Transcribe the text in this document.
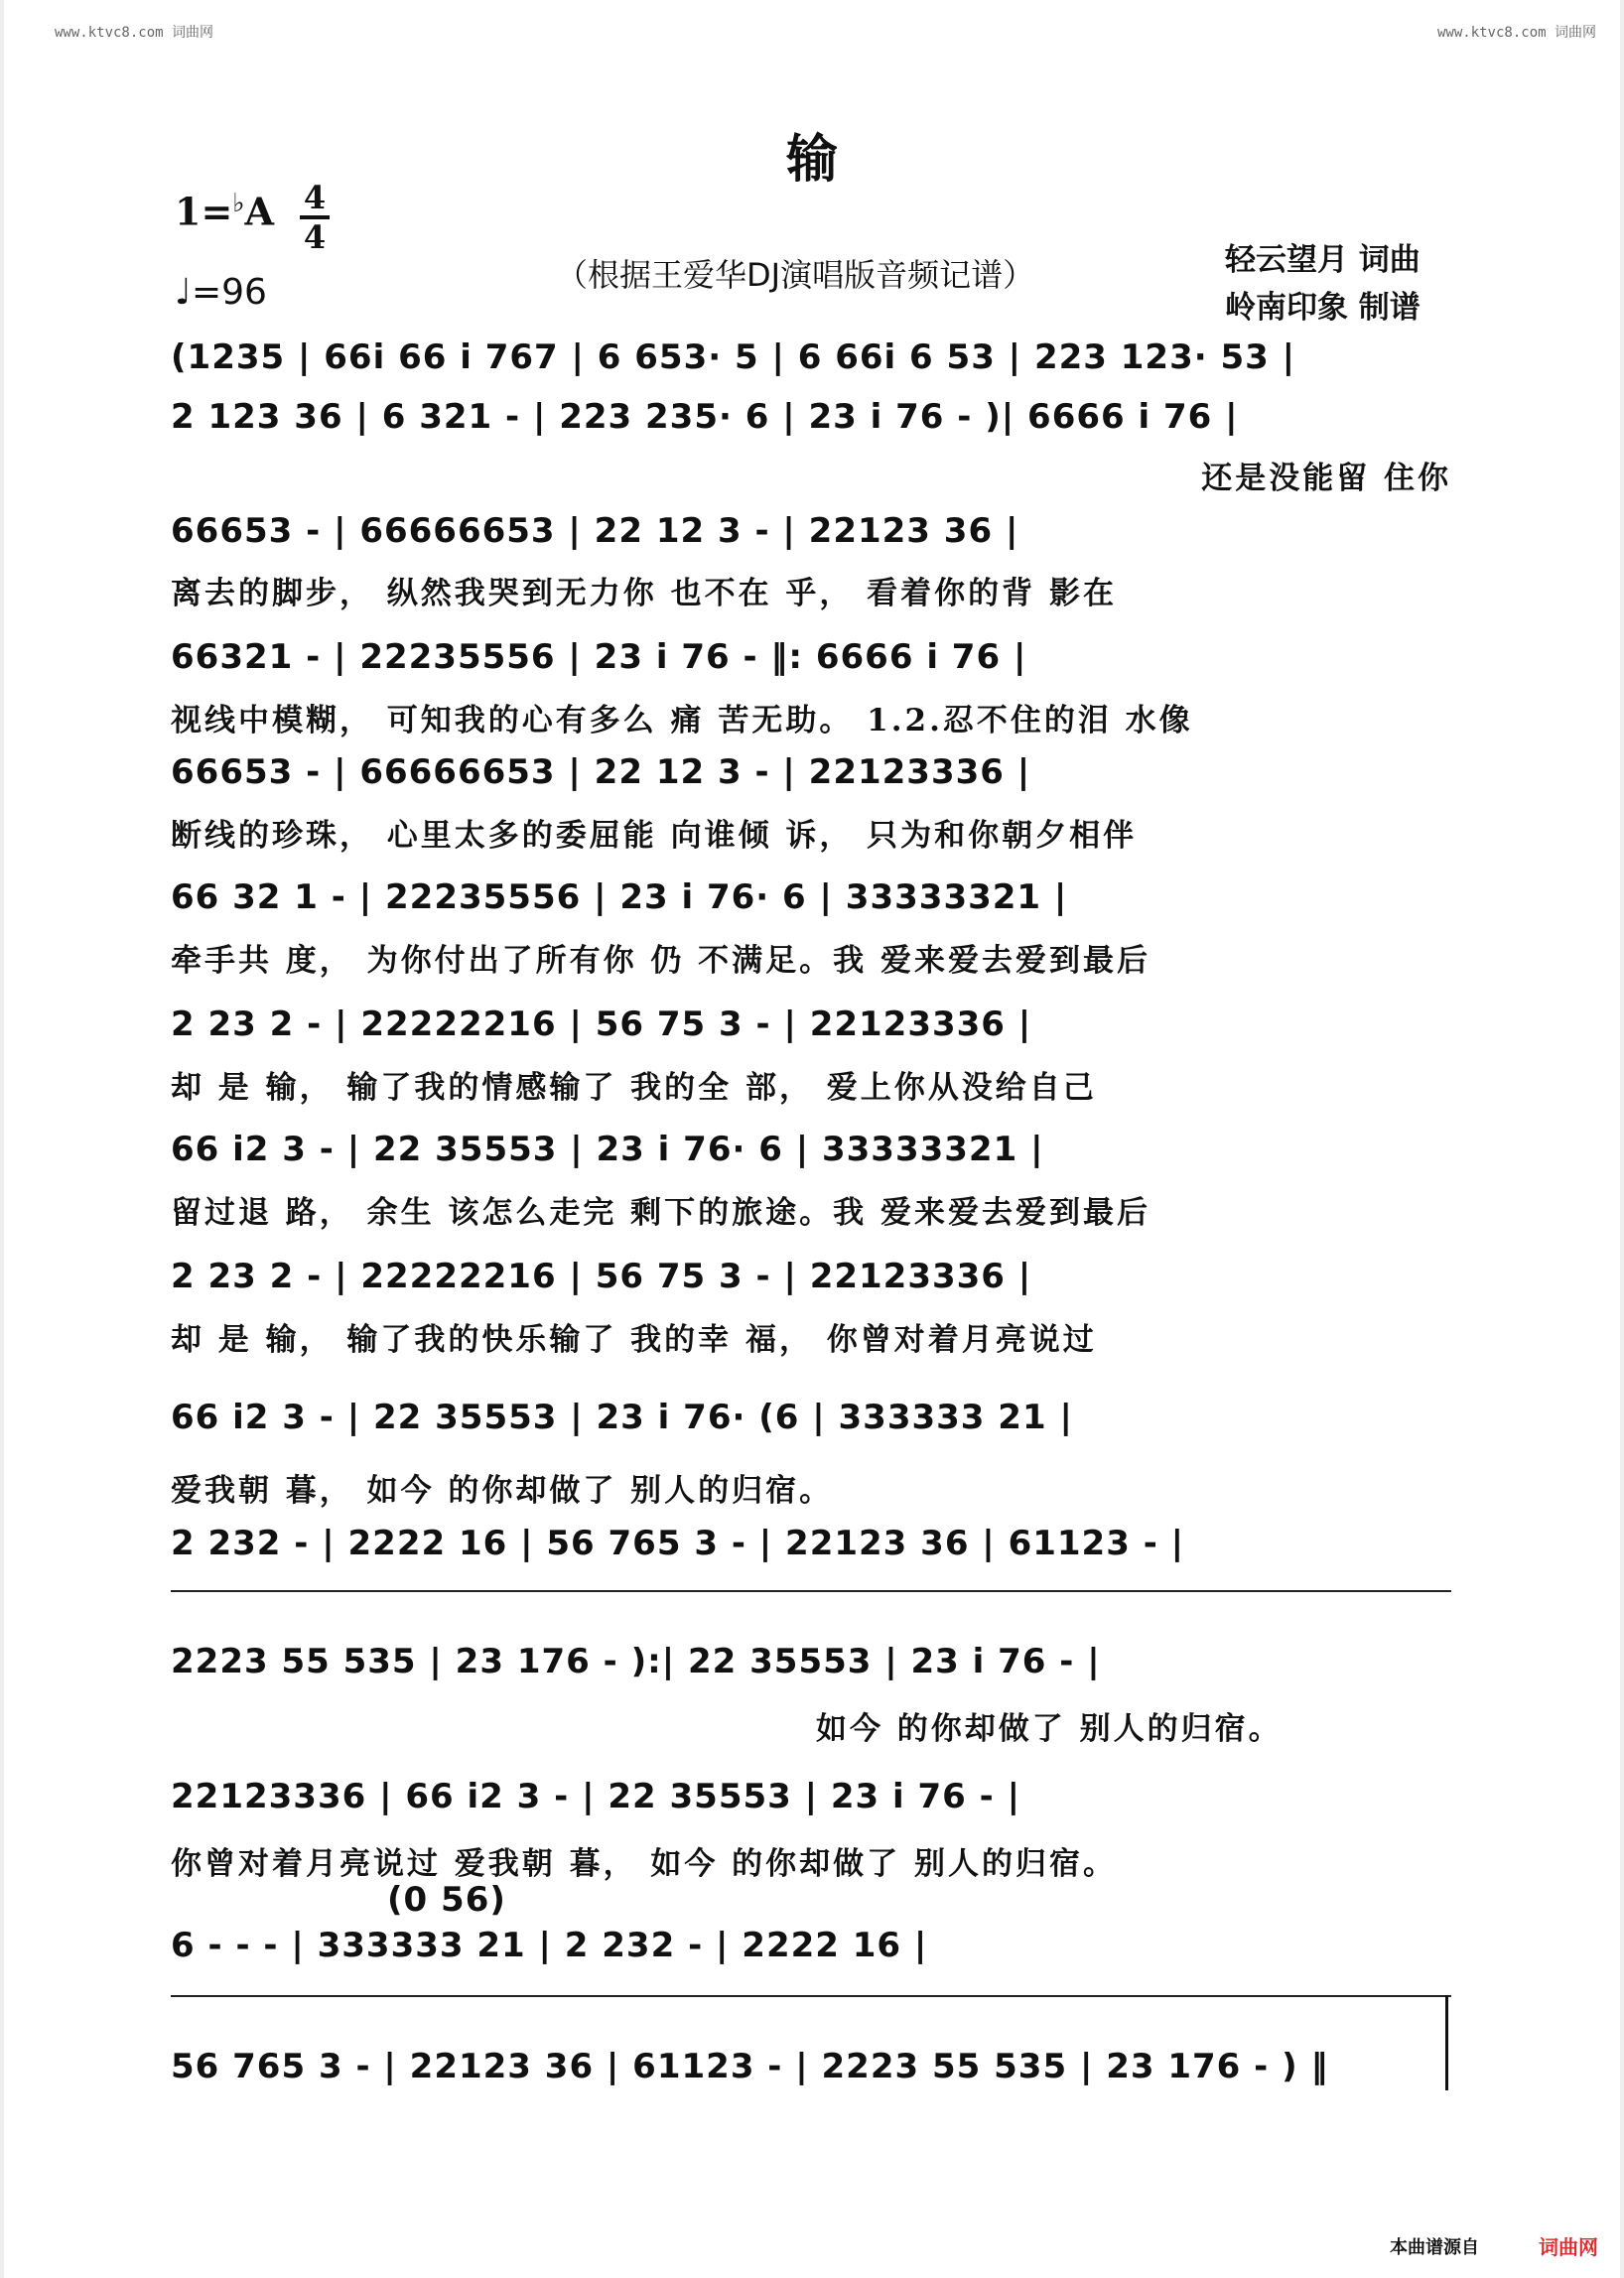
www.ktvc8.com 词曲网	www.ktvc8.com 词曲网
输
1=♭A 4
4
♩=96	（根据王爱华DJ演唱版音频记谱）	轻云望月 词曲
岭南印象 制谱
(1235 | 66i 66 i 767 | 6 653· 5 | 6 66i 6 53 | 223 123· 53 |
2 123 36 | 6 321 - | 223 235· 6 | 23 i 76 - )| 6666 i 76 |
还是没能留 住你
66653 - | 66666653 | 22 12 3 - | 22123 36 |
离去的脚步， 纵然我哭到无力你 也不在 乎， 看着你的背 影在
66321 - | 22235556 | 23 i 76 - ‖: 6666 i 76 |
视线中模糊， 可知我的心有多么 痛 苦无助。 1.2.忍不住的泪 水像
66653 - | 66666653 | 22 12 3 - | 22123336 |
断线的珍珠， 心里太多的委屈能 向谁倾 诉， 只为和你朝夕相伴
66 32 1 - | 22235556 | 23 i 76· 6 | 33333321 |
牵手共 度， 为你付出了所有你 仍 不满足。我 爱来爱去爱到最后
2 23 2 - | 22222216 | 56 75 3 - | 22123336 |
却 是 输， 输了我的情感输了 我的全 部， 爱上你从没给自己
66 i2 3 - | 22 35553 | 23 i 76· 6 | 33333321 |
留过退 路， 余生 该怎么走完 剩下的旅途。我 爱来爱去爱到最后
2 23 2 - | 22222216 | 56 75 3 - | 22123336 |
却 是 输， 输了我的快乐输了 我的幸 福， 你曾对着月亮说过
66 i2 3 - | 22 35553 | 23 i 76· (6 | 333333 21 |
爱我朝 暮， 如今 的你却做了 别人的归宿。
2 232 - | 2222 16 | 56 765 3 - | 22123 36 | 61123 - |
2223 55 535 | 23 176 - ):| 22 35553 | 23 i 76 - |
如今 的你却做了 别人的归宿。
22123336 | 66 i2 3 - | 22 35553 | 23 i 76 - |
你曾对着月亮说过 爱我朝 暮， 如今 的你却做了 别人的归宿。
(0 56)
6 - - - | 333333 21 | 2 232 - | 2222 16 |
56 765 3 - | 22123 36 | 61123 - | 2223 55 535 | 23 176 - ) ‖
本曲谱源自	词曲网
